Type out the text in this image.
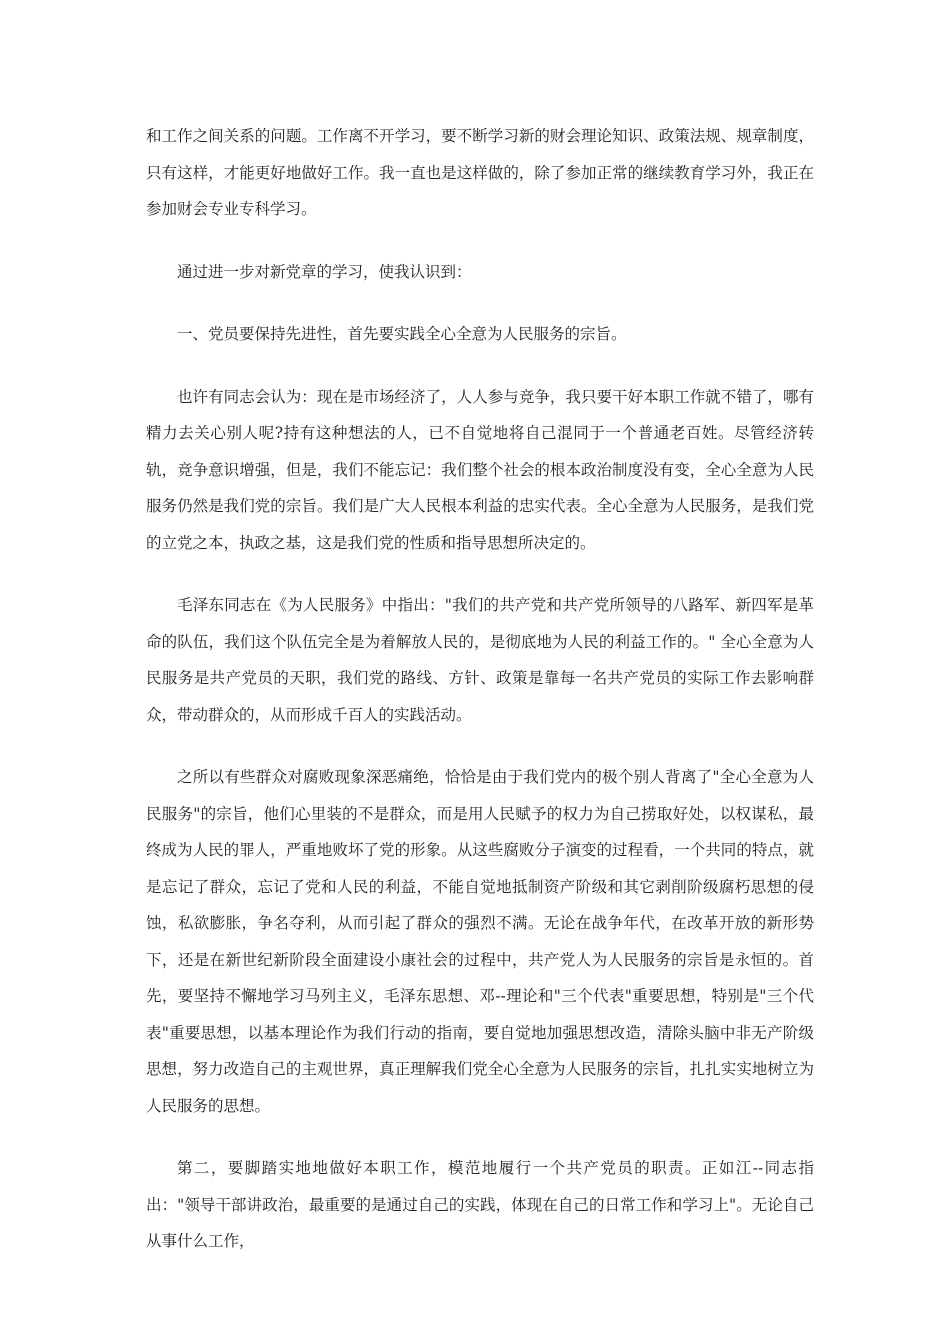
和工作之间关系的问题。工作离不开学习，要不断学习新的财会理论知识、政策法规、规章制度，只有这样，才能更好地做好工作。我一直也是这样做的，除了参加正常的继续教育学习外，我正在参加财会专业专科学习。

通过进一步对新党章的学习，使我认识到：

一、党员要保持先进性，首先要实践全心全意为人民服务的宗旨。

也许有同志会认为：现在是市场经济了，人人参与竞争，我只要干好本职工作就不错了，哪有精力去关心别人呢?持有这种想法的人，已不自觉地将自己混同于一个普通老百姓。尽管经济转轨，竞争意识增强，但是，我们不能忘记：我们整个社会的根本政治制度没有变，全心全意为人民服务仍然是我们党的宗旨。我们是广大人民根本利益的忠实代表。全心全意为人民服务，是我们党的立党之本，执政之基，这是我们党的性质和指导思想所决定的。

毛泽东同志在《为人民服务》中指出："我们的共产党和共产党所领导的八路军、新四军是革命的队伍，我们这个队伍完全是为着解放人民的，是彻底地为人民的利益工作的。" 全心全意为人民服务是共产党员的天职，我们党的路线、方针、政策是靠每一名共产党员的实际工作去影响群众，带动群众的，从而形成千百人的实践活动。

之所以有些群众对腐败现象深恶痛绝，恰恰是由于我们党内的极个别人背离了"全心全意为人民服务"的宗旨，他们心里装的不是群众，而是用人民赋予的权力为自己捞取好处，以权谋私，最终成为人民的罪人，严重地败坏了党的形象。从这些腐败分子演变的过程看，一个共同的特点，就是忘记了群众，忘记了党和人民的利益，不能自觉地抵制资产阶级和其它剥削阶级腐朽思想的侵蚀，私欲膨胀，争名夺利，从而引起了群众的强烈不满。无论在战争年代，在改革开放的新形势下，还是在新世纪新阶段全面建设小康社会的过程中，共产党人为人民服务的宗旨是永恒的。首先，要坚持不懈地学习马列主义，毛泽东思想、邓--理论和"三个代表"重要思想，特别是"三个代表"重要思想，以基本理论作为我们行动的指南，要自觉地加强思想改造，清除头脑中非无产阶级思想，努力改造自己的主观世界，真正理解我们党全心全意为人民服务的宗旨，扎扎实实地树立为人民服务的思想。

第二，要脚踏实地地做好本职工作，模范地履行一个共产党员的职责。正如江--同志指出："领导干部讲政治，最重要的是通过自己的实践，体现在自己的日常工作和学习上"。无论自己从事什么工作，
